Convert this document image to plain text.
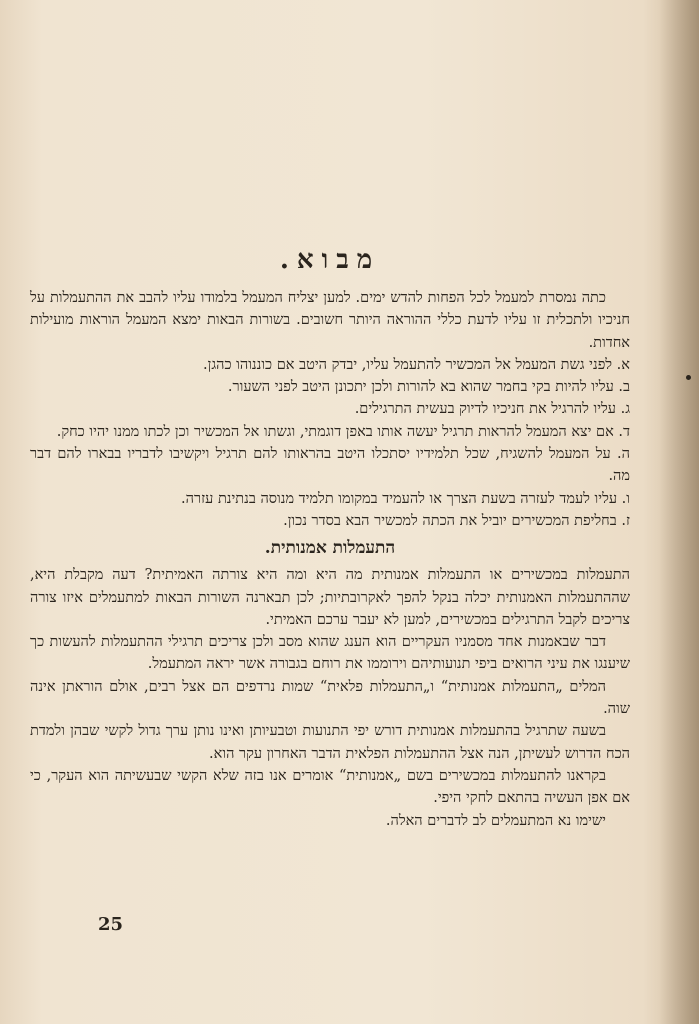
מבוא.

כתה נמסרת למעמל לכל הפחות להדש ימים. למען יצליח המעמל בלמודו עליו להבב את ההתעמלות על חניכיו ולתכלית זו עליו לדעת כללי ההוראה היותר חשובים. בשורות הבאות ימצא המעמל הוראות מועילות אחדות.

א. לפני גשת המעמל אל המכשיר להתעמל עליו, יבדק היטב אם כוננוהו כהגן.

ב. עליו להיות בקי בחמר שהוא בא להורות ולכן יתכונן היטב לפני השעור.

ג. עליו להרגיל את חניכיו לדיוק בעשית התרגילים.

ד. אם יצא המעמל להראות תרגיל יעשה אותו באפן דוגמתי, וגשתו אל המכשיר וכן לכתו ממנו יהיו כחק.

ה. על המעמל להשגיח, שכל תלמידיו יסתכלו היטב בהראותו להם תרגיל ויקשיבו לדבריו בבארו להם דבר מה.

ו. עליו לעמד לעזרה בשעת הצרך או להעמיד במקומו תלמיד מנוסה בנתינת עזרה.

ז. בחליפת המכשירים יוביל את הכתה למכשיר הבא בסדר נכון.

התעמלות אמנותית.

התעמלות במכשירים או התעמלות אמנותית מה היא ומה היא צורתה האמיתית? דעה מקבלת היא, שההתעמלות האמנותית יכלה בנקל להפך לאקרובתיות; לכן תבארנה השורות הבאות למתעמלים איזו צורה צריכים לקבל התרגילים במכשירים, למען לא יעבר ערכם האמיתי.

דבר שבאמנות אחד מסמניו העקריים הוא הענג שהוא מסב ולכן צריכים תרגילי ההתעמלות להעשות כך שיענגו את עיני הרואים ביפי תנועותיהם וירוממו את רוחם בגבורה אשר יראה המתעמל.

המלים „התעמלות אמנותית“ ו„התעמלות פלאית“ שמות נרדפים הם אצל רבים, אולם הוראתן אינה שוה.

בשעה שתרגיל בהתעמלות אמנותית דורש יפי התנועות וטבעיותן ואינו נותן ערך גדול לקשי שבהן ולמדת הכח הדרוש לעשיתן, הנה אצל ההתעמלות הפלאית הדבר האחרון עקר הוא.

בקראנו להתעמלות במכשירים בשם „אמנותית“ אומרים אנו בזה שלא הקשי שבעשיתה הוא העקר, כי אם אפן העשיה בהתאם לחקי היפי.

ישימו נא המתעמלים לב לדברים האלה.

25
